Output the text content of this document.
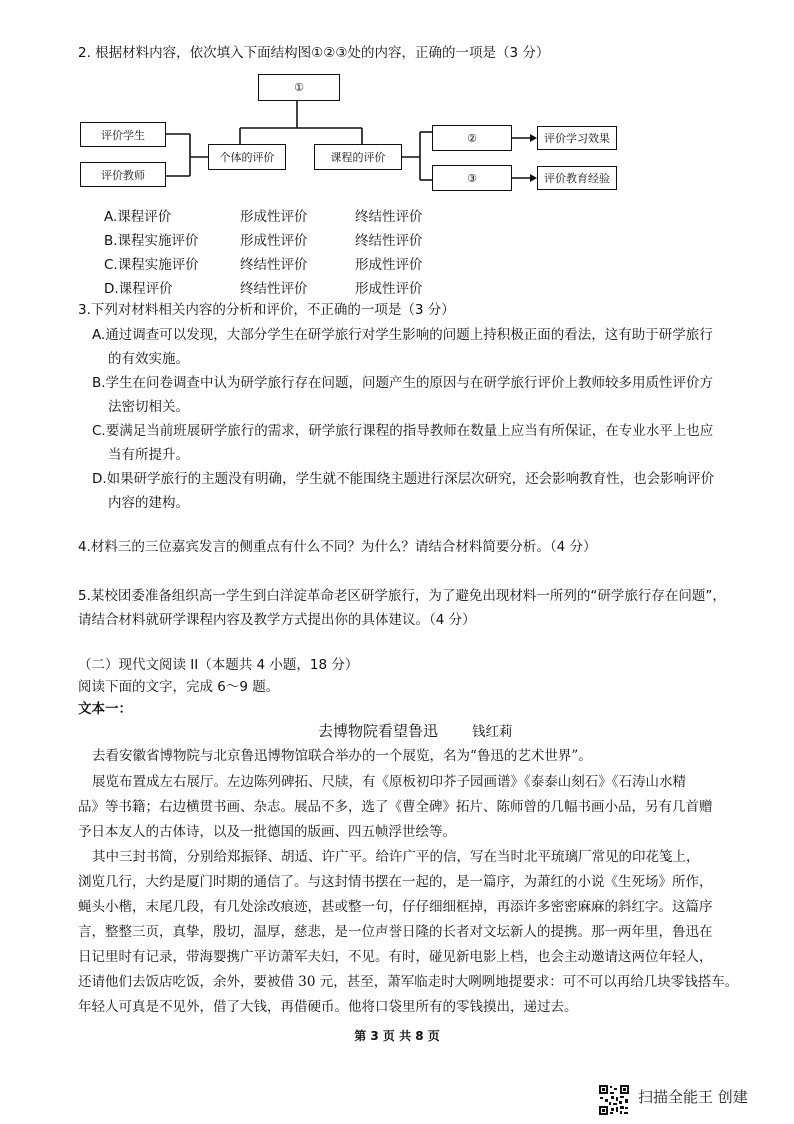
2. 根据材料内容，依次填入下面结构图①②③处的内容，正确的一项是（3 分）
①
评价学生
评价教师
个体的评价	课程的评价
②
③
评价学习效果
评价教育经验
A.课程评价	形成性评价	终结性评价
B.课程实施评价	形成性评价	终结性评价
C.课程实施评价	终结性评价	形成性评价
D.课程评价	终结性评价	形成性评价
3.下列对材料相关内容的分析和评价，不正确的一项是（3 分）
A.通过调查可以发现，大部分学生在研学旅行对学生影响的问题上持积极正面的看法，这有助于研学旅行
的有效实施。
B.学生在问卷调查中认为研学旅行存在问题，问题产生的原因与在研学旅行评价上教师较多用质性评价方
法密切相关。
C.要满足当前班展研学旅行的需求，研学旅行课程的指导教师在数量上应当有所保证，在专业水平上也应
当有所提升。
D.如果研学旅行的主题没有明确，学生就不能围绕主题进行深层次研究，还会影响教育性，也会影响评价
内容的建构。
4.材料三的三位嘉宾发言的侧重点有什么不同？为什么？请结合材料简要分析。（4 分）
5.某校团委准备组织高一学生到白洋淀革命老区研学旅行，为了避免出现材料一所列的“研学旅行存在问题”，
请结合材料就研学课程内容及教学方式提出你的具体建议。（4 分）
（二）现代文阅读 II（本题共 4 小题，18 分）
阅读下面的文字，完成 6～9 题。
文本一：
去博物院看望鲁迅	钱红莉
去看安徽省博物院与北京鲁迅博物馆联合举办的一个展览，名为“鲁迅的艺术世界”。
展览布置成左右展厅。左边陈列碑拓、尺牍，有《原板初印芥子园画谱》《泰泰山刻石》《石涛山水精
品》等书籍；右边横贯书画、杂志。展品不多，选了《曹全碑》拓片、陈师曾的几幅书画小品，另有几首赠
予日本友人的古体诗，以及一批德国的版画、四五帧浮世绘等。
其中三封书简，分别给郑振铎、胡适、许广平。给许广平的信，写在当时北平琉璃厂常见的印花笺上，
浏览几行，大约是厦门时期的通信了。与这封情书摆在一起的，是一篇序，为萧红的小说《生死场》所作，
蝇头小楷，末尾几段，有几处涂改痕迹，甚或整一句，仔仔细细框掉，再添许多密密麻麻的斜红字。这篇序
言，整整三页，真挚，殷切，温厚，慈悲，是一位声誉日隆的长者对文坛新人的提携。那一两年里，鲁迅在
日记里时有记录，带海婴携广平访萧军夫妇，不见。有时，碰见新电影上档，也会主动邀请这两位年轻人，
还请他们去饭店吃饭，余外，要被借 30 元，甚至，萧军临走时大咧咧地提要求：可不可以再给几块零钱搭车。
年轻人可真是不见外，借了大钱，再借硬币。他将口袋里所有的零钱摸出，递过去。
第 3 页 共 8 页
扫描全能王 创建
